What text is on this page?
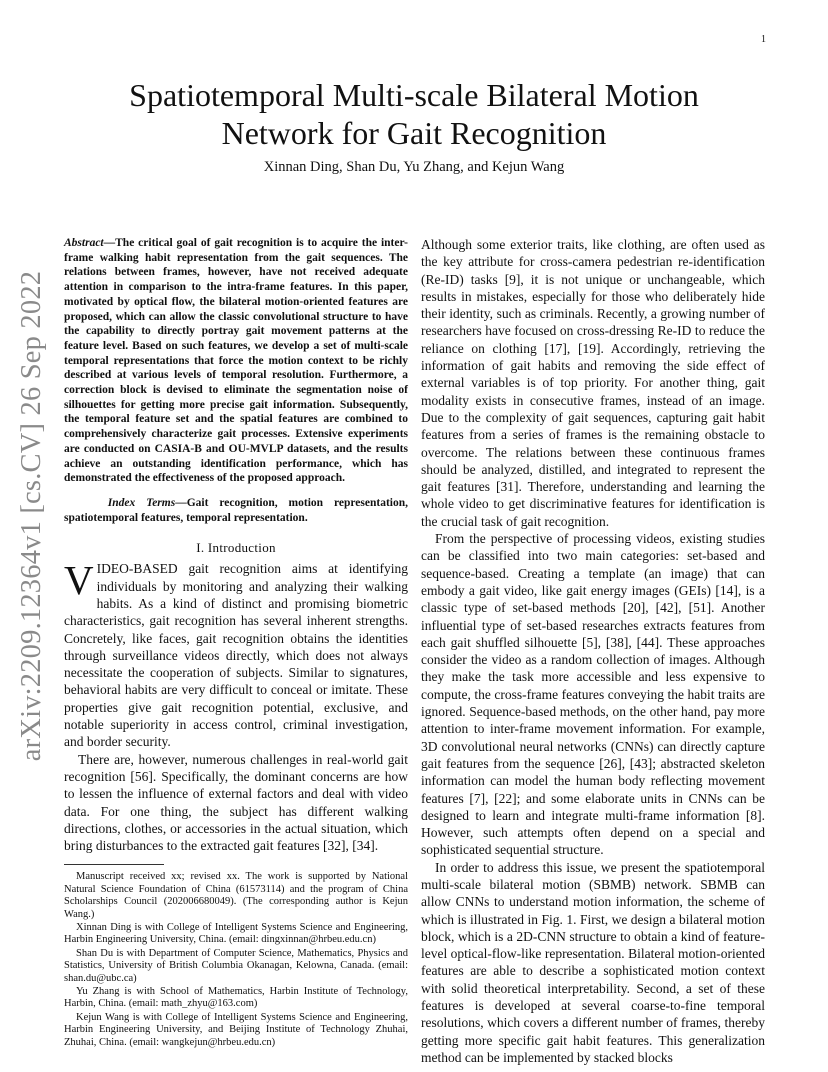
1
arXiv:2209.12364v1 [cs.CV] 26 Sep 2022
Spatiotemporal Multi-scale Bilateral Motion
Network for Gait Recognition
Xinnan Ding, Shan Du, Yu Zhang, and Kejun Wang

Abstract—The critical goal of gait recognition is to acquire the inter-frame walking habit representation from the gait sequences. The relations between frames, however, have not received adequate attention in comparison to the intra-frame features. In this paper, motivated by optical flow, the bilateral motion-oriented features are proposed, which can allow the classic convolutional structure to have the capability to directly portray gait movement patterns at the feature level. Based on such features, we develop a set of multi-scale temporal representations that force the motion context to be richly described at various levels of temporal resolution. Furthermore, a correction block is devised to eliminate the segmentation noise of silhouettes for getting more precise gait information. Subsequently, the temporal feature set and the spatial features are combined to comprehensively characterize gait processes. Extensive experiments are conducted on CASIA-B and OU-MVLP datasets, and the results achieve an outstanding identification performance, which has demonstrated the effectiveness of the proposed approach.

Index Terms—Gait recognition, motion representation, spatiotemporal features, temporal representation.

I. Introduction

VIDEO-BASED gait recognition aims at identifying individuals by monitoring and analyzing their walking habits. As a kind of distinct and promising biometric characteristics, gait recognition has several inherent strengths. Concretely, like faces, gait recognition obtains the identities through surveillance videos directly, which does not always necessitate the cooperation of subjects. Similar to signatures, behavioral habits are very difficult to conceal or imitate. These properties give gait recognition potential, exclusive, and notable superiority in access control, criminal investigation, and border security.

There are, however, numerous challenges in real-world gait recognition [56]. Specifically, the dominant concerns are how to lessen the influence of external factors and deal with video data. For one thing, the subject has different walking directions, clothes, or accessories in the actual situation, which bring disturbances to the extracted gait features [32], [34].

Manuscript received xx; revised xx. The work is supported by National Natural Science Foundation of China (61573114) and the program of China Scholarships Council (202006680049). (The corresponding author is Kejun Wang.)

Xinnan Ding is with College of Intelligent Systems Science and Engineering, Harbin Engineering University, China. (email: dingxinnan@hrbeu.edu.cn)

Shan Du is with Department of Computer Science, Mathematics, Physics and Statistics, University of British Columbia Okanagan, Kelowna, Canada. (email: shan.du@ubc.ca)

Yu Zhang is with School of Mathematics, Harbin Institute of Technology, Harbin, China. (email: math_zhyu@163.com)

Kejun Wang is with College of Intelligent Systems Science and Engineering, Harbin Engineering University, and Beijing Institute of Technology Zhuhai, Zhuhai, China. (email: wangkejun@hrbeu.edu.cn)

Although some exterior traits, like clothing, are often used as the key attribute for cross-camera pedestrian re-identification (Re-ID) tasks [9], it is not unique or unchangeable, which results in mistakes, especially for those who deliberately hide their identity, such as criminals. Recently, a growing number of researchers have focused on cross-dressing Re-ID to reduce the reliance on clothing [17], [19]. Accordingly, retrieving the information of gait habits and removing the side effect of external variables is of top priority. For another thing, gait modality exists in consecutive frames, instead of an image. Due to the complexity of gait sequences, capturing gait habit features from a series of frames is the remaining obstacle to overcome. The relations between these continuous frames should be analyzed, distilled, and integrated to represent the gait features [31]. Therefore, understanding and learning the whole video to get discriminative features for identification is the crucial task of gait recognition.

From the perspective of processing videos, existing studies can be classified into two main categories: set-based and sequence-based. Creating a template (an image) that can embody a gait video, like gait energy images (GEIs) [14], is a classic type of set-based methods [20], [42], [51]. Another influential type of set-based researches extracts features from each gait shuffled silhouette [5], [38], [44]. These approaches consider the video as a random collection of images. Although they make the task more accessible and less expensive to compute, the cross-frame features conveying the habit traits are ignored. Sequence-based methods, on the other hand, pay more attention to inter-frame movement information. For example, 3D convolutional neural networks (CNNs) can directly capture gait features from the sequence [26], [43]; abstracted skeleton information can model the human body reflecting movement features [7], [22]; and some elaborate units in CNNs can be designed to learn and integrate multi-frame information [8]. However, such attempts often depend on a special and sophisticated sequential structure.

In order to address this issue, we present the spatiotemporal multi-scale bilateral motion (SBMB) network. SBMB can allow CNNs to understand motion information, the scheme of which is illustrated in Fig. 1. First, we design a bilateral motion block, which is a 2D-CNN structure to obtain a kind of feature-level optical-flow-like representation. Bilateral motion-oriented features are able to describe a sophisticated motion context with solid theoretical interpretability. Second, a set of these features is developed at several coarse-to-fine temporal resolutions, which covers a different number of frames, thereby getting more specific gait habit features. This generalization method can be implemented by stacked blocks
